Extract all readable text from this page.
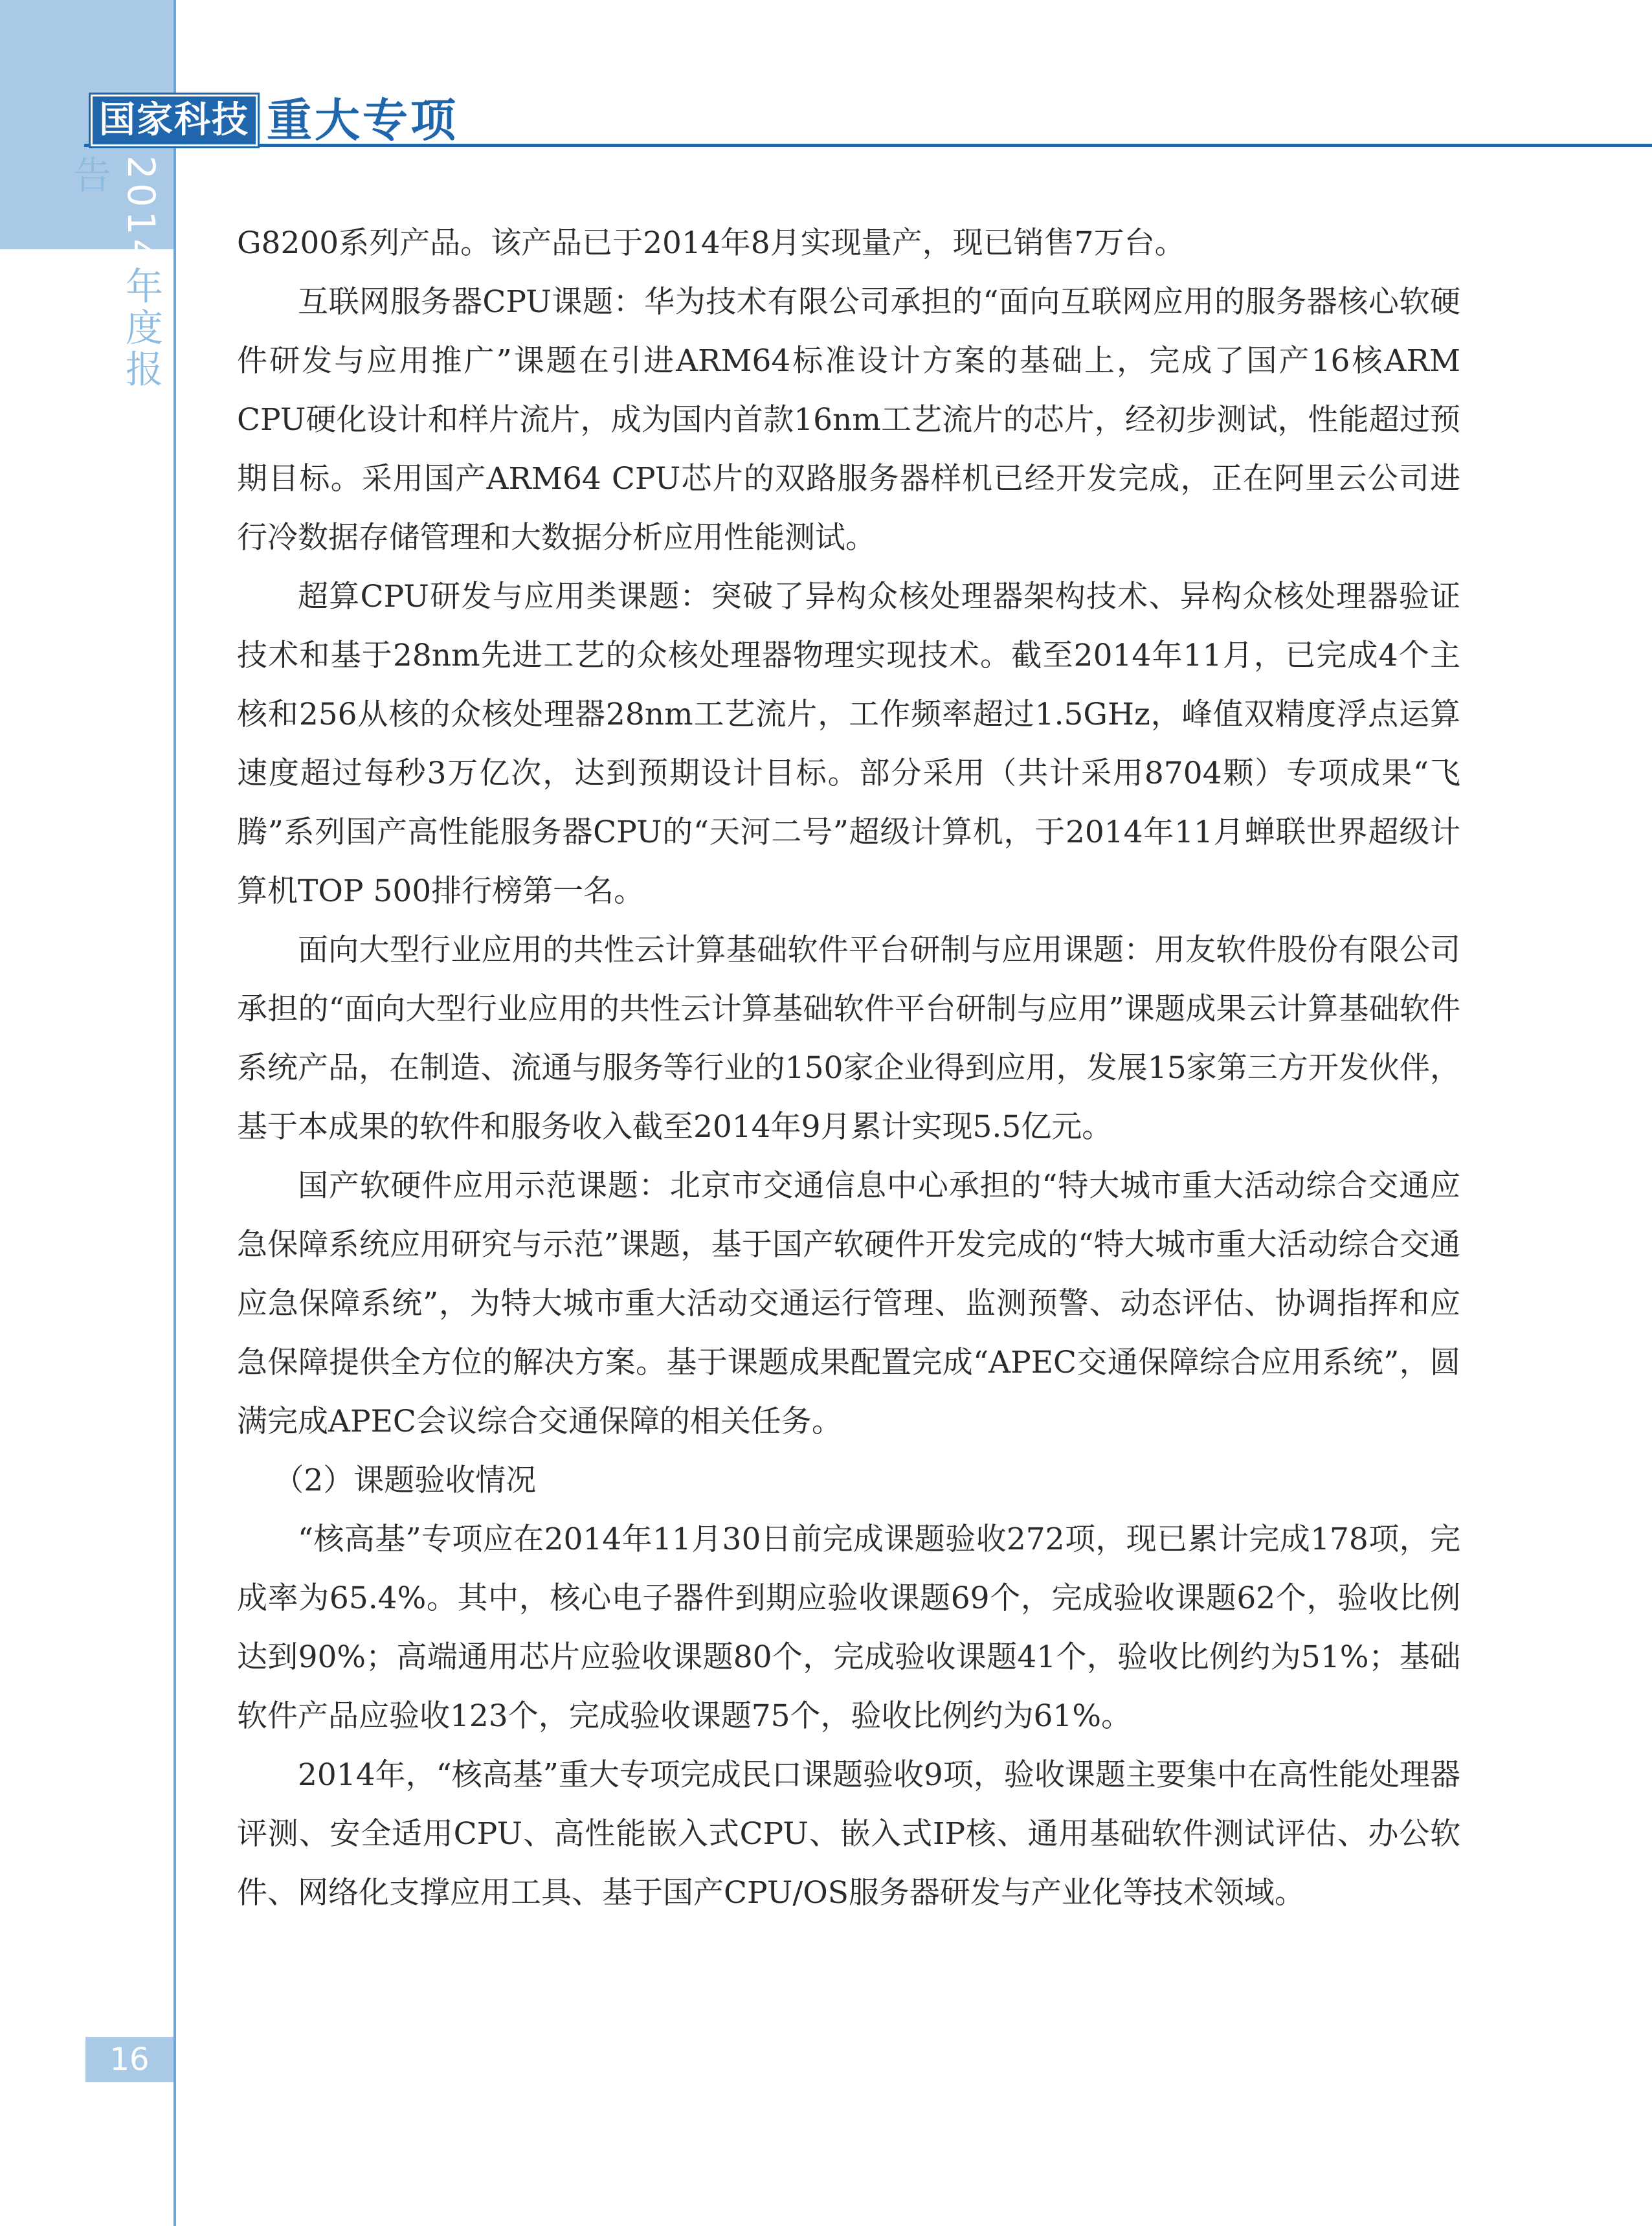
国家科技 重大专项
2014年度报告

G8200系列产品。该产品已于2014年8月实现量产，现已销售7万台。

互联网服务器CPU课题：华为技术有限公司承担的“面向互联网应用的服务器核心软硬件研发与应用推广”课题在引进ARM64标准设计方案的基础上，完成了国产16核ARM CPU硬化设计和样片流片，成为国内首款16nm工艺流片的芯片，经初步测试，性能超过预期目标。采用国产ARM64 CPU芯片的双路服务器样机已经开发完成，正在阿里云公司进行冷数据存储管理和大数据分析应用性能测试。

超算CPU研发与应用类课题：突破了异构众核处理器架构技术、异构众核处理器验证技术和基于28nm先进工艺的众核处理器物理实现技术。截至2014年11月，已完成4个主核和256从核的众核处理器28nm工艺流片，工作频率超过1.5GHz，峰值双精度浮点运算速度超过每秒3万亿次，达到预期设计目标。部分采用（共计采用8704颗）专项成果“飞腾”系列国产高性能服务器CPU的“天河二号”超级计算机，于2014年11月蝉联世界超级计算机TOP 500排行榜第一名。

面向大型行业应用的共性云计算基础软件平台研制与应用课题：用友软件股份有限公司承担的“面向大型行业应用的共性云计算基础软件平台研制与应用”课题成果云计算基础软件系统产品，在制造、流通与服务等行业的150家企业得到应用，发展15家第三方开发伙伴，基于本成果的软件和服务收入截至2014年9月累计实现5.5亿元。

国产软硬件应用示范课题：北京市交通信息中心承担的“特大城市重大活动综合交通应急保障系统应用研究与示范”课题，基于国产软硬件开发完成的“特大城市重大活动综合交通应急保障系统”，为特大城市重大活动交通运行管理、监测预警、动态评估、协调指挥和应急保障提供全方位的解决方案。基于课题成果配置完成“APEC交通保障综合应用系统”，圆满完成APEC会议综合交通保障的相关任务。

（2）课题验收情况

“核高基”专项应在2014年11月30日前完成课题验收272项，现已累计完成178项，完成率为65.4%。其中，核心电子器件到期应验收课题69个，完成验收课题62个，验收比例达到90%；高端通用芯片应验收课题80个，完成验收课题41个，验收比例约为51%；基础软件产品应验收123个，完成验收课题75个，验收比例约为61%。

2014年，“核高基”重大专项完成民口课题验收9项，验收课题主要集中在高性能处理器评测、安全适用CPU、高性能嵌入式CPU、嵌入式IP核、通用基础软件测试评估、办公软件、网络化支撑应用工具、基于国产CPU/OS服务器研发与产业化等技术领域。

16
